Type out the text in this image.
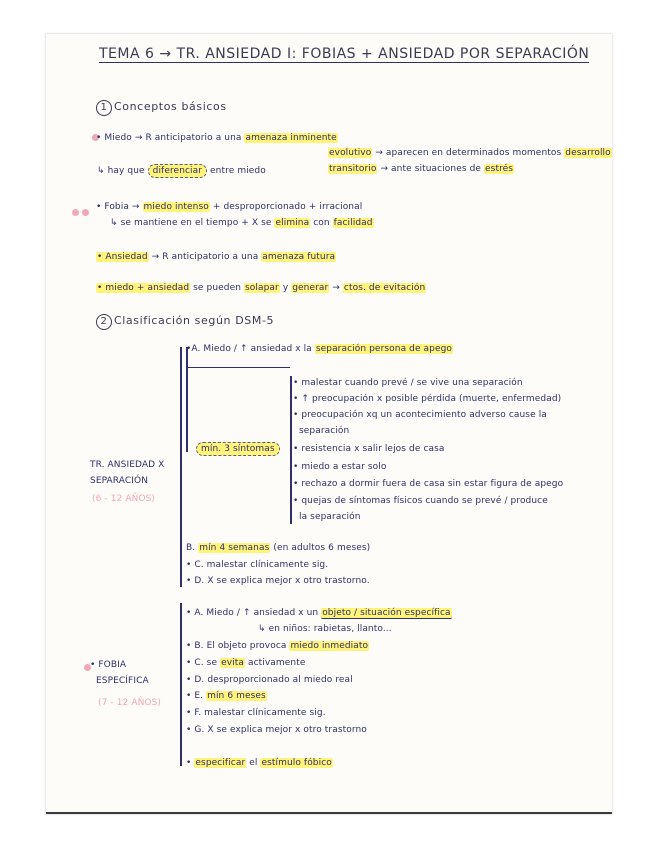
TEMA 6 → TR. ANSIEDAD I: FOBIAS + ANSIEDAD POR SEPARACIÓN
1 Conceptos básicos
• Miedo → R anticipatorio a una amenaza inminente
evolutivo → aparecen en determinados momentos desarrollo
↳ hay que diferenciar entre miedo	transitorio → ante situaciones de estrés
• Fobia → miedo intenso + desproporcionado + irracional
↳ se mantiene en el tiempo + X se elimina con facilidad
• Ansiedad → R anticipatorio a una amenaza futura
• miedo + ansiedad se pueden solapar y generar → ctos. de evitación
2 Clasificación según DSM-5
TR. ANSIEDAD X
SEPARACIÓN
(6 - 12 AÑOS)
•A. Miedo / ↑ ansiedad x la separación persona de apego
mín. 3 síntomas
• malestar cuando prevé / se vive una separación
• ↑ preocupación x posible pérdida (muerte, enfermedad)
• preocupación xq un acontecimiento adverso cause la
separación
• resistencia x salir lejos de casa
• miedo a estar solo
• rechazo a dormir fuera de casa sin estar figura de apego
• quejas de síntomas físicos cuando se prevé / produce
la separación
B. mín 4 semanas (en adultos 6 meses)
• C. malestar clínicamente sig.
• D. X se explica mejor x otro trastorno.
• FOBIA
ESPECÍFICA
(7 - 12 AÑOS)
• A. Miedo / ↑ ansiedad x un objeto / situación específica
↳ en niños: rabietas, llanto...
• B. El objeto provoca miedo inmediato
• C. se evita activamente
• D. desproporcionado al miedo real
• E. mín 6 meses
• F. malestar clínicamente sig.
• G. X se explica mejor x otro trastorno
• especificar el estímulo fóbico
